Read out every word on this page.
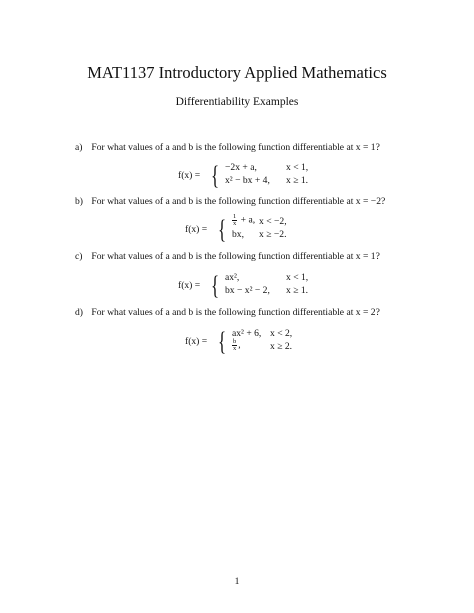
MAT1137 Introductory Applied Mathematics
Differentiability Examples
a) For what values of a and b is the following function differentiable at x = 1?
f(x) = { −2x + a,	x < 1,
x² − bx + 4, x ≥ 1.
b) For what values of a and b is the following function differentiable at x = −2?
f(x) = { $\frac{1}{x} + a$, x < −2,
bx, x ≥ −2.
c) For what values of a and b is the following function differentiable at x = 1?
f(x) = { ax²,	x < 1,
bx − x² − 2, x ≥ 1.
d) For what values of a and b is the following function differentiable at x = 2?
f(x) = { ax² + 6, x < 2,
$\frac{b}{x}$ ,	x ≥ 2.
1
